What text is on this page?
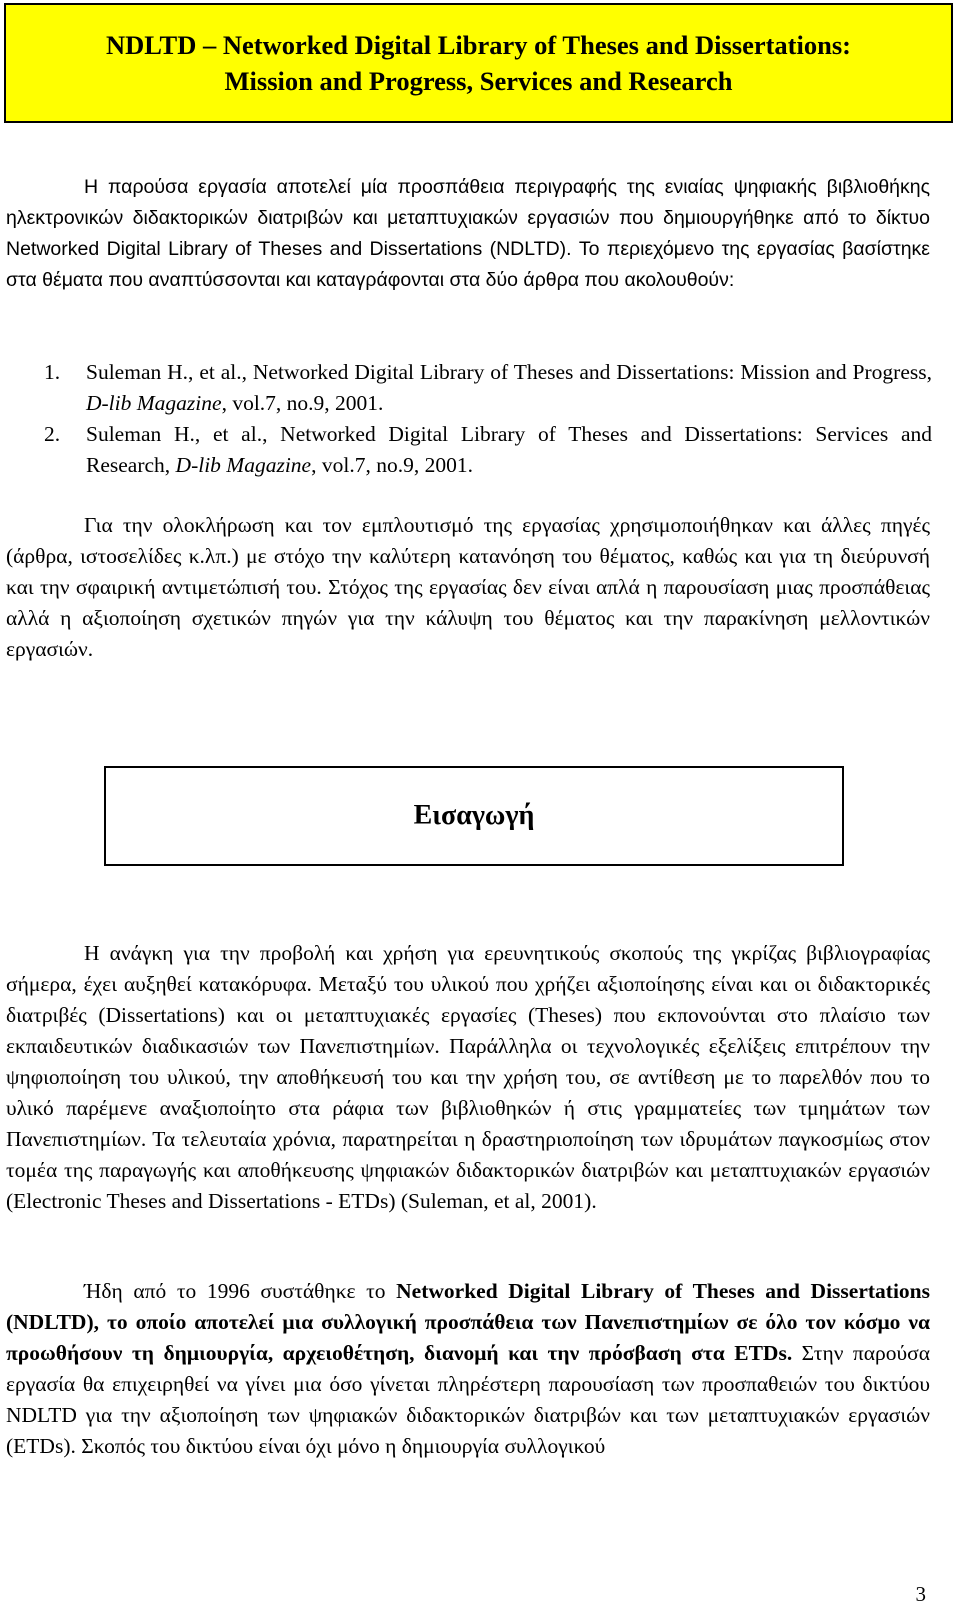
NDLTD – Networked Digital Library of Theses and Dissertations:
Mission and Progress, Services and Research

Η παρούσα εργασία αποτελεί μία προσπάθεια περιγραφής της ενιαίας ψηφιακής βιβλιοθήκης ηλεκτρονικών διδακτορικών διατριβών και μεταπτυχιακών εργασιών που δημιουργήθηκε από το δίκτυο Networked Digital Library of Theses and Dissertations (NDLTD). Το περιεχόμενο της εργασίας βασίστηκε στα θέματα που αναπτύσσονται και καταγράφονται στα δύο άρθρα που ακολουθούν:

1. Suleman H., et al., Networked Digital Library of Theses and Dissertations: Mission and Progress, D-lib Magazine, vol.7, no.9, 2001.
2. Suleman H., et al., Networked Digital Library of Theses and Dissertations: Services and Research, D-lib Magazine, vol.7, no.9, 2001.

Για την ολοκλήρωση και τον εμπλουτισμό της εργασίας χρησιμοποιήθηκαν και άλλες πηγές (άρθρα, ιστοσελίδες κ.λπ.) με στόχο την καλύτερη κατανόηση του θέματος, καθώς και για τη διεύρυνσή και την σφαιρική αντιμετώπισή του. Στόχος της εργασίας δεν είναι απλά η παρουσίαση μιας προσπάθειας αλλά η αξιοποίηση σχετικών πηγών για την κάλυψη του θέματος και την παρακίνηση μελλοντικών εργασιών.

Εισαγωγή

Η ανάγκη για την προβολή και χρήση για ερευνητικούς σκοπούς της γκρίζας βιβλιογραφίας σήμερα, έχει αυξηθεί κατακόρυφα. Μεταξύ του υλικού που χρήζει αξιοποίησης είναι και οι διδακτορικές διατριβές (Dissertations) και οι μεταπτυχιακές εργασίες (Theses) που εκπονούνται στο πλαίσιο των εκπαιδευτικών διαδικασιών των Πανεπιστημίων. Παράλληλα οι τεχνολογικές εξελίξεις επιτρέπουν την ψηφιοποίηση του υλικού, την αποθήκευσή του και την χρήση του, σε αντίθεση με το παρελθόν που το υλικό παρέμενε αναξιοποίητο στα ράφια των βιβλιοθηκών ή στις γραμματείες των τμημάτων των Πανεπιστημίων. Τα τελευταία χρόνια, παρατηρείται η δραστηριοποίηση των ιδρυμάτων παγκοσμίως στον τομέα της παραγωγής και αποθήκευσης ψηφιακών διδακτορικών διατριβών και μεταπτυχιακών εργασιών (Electronic Theses and Dissertations - ETDs) (Suleman, et al, 2001).

Ήδη από το 1996 συστάθηκε το Networked Digital Library of Theses and Dissertations (NDLTD), το οποίο αποτελεί μια συλλογική προσπάθεια των Πανεπιστημίων σε όλο τον κόσμο να προωθήσουν τη δημιουργία, αρχειοθέτηση, διανομή και την πρόσβαση στα ETDs. Στην παρούσα εργασία θα επιχειρηθεί να γίνει μια όσο γίνεται πληρέστερη παρουσίαση των προσπαθειών του δικτύου NDLTD για την αξιοποίηση των ψηφιακών διδακτορικών διατριβών και των μεταπτυχιακών εργασιών (ETDs). Σκοπός του δικτύου είναι όχι μόνο η δημιουργία συλλογικού

3
